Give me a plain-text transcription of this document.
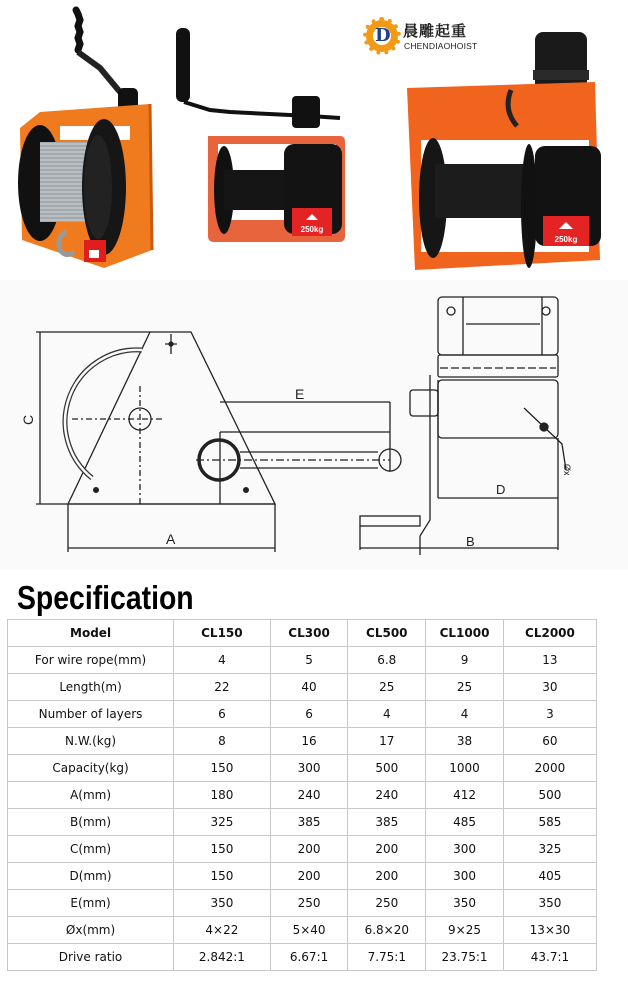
250kg
250kg
D 晨雕起重
CHENDIAOHOIST
C
E
A
D
B
Øx
Specification
Model	CL150	CL300	CL500	CL1000	CL2000
For wire rope(mm)	4	5	6.8	9	13
Length(m)	22	40	25	25	30
Number of layers	6	6	4	4	3
N.W.(kg)	8	16	17	38	60
Capacity(kg)	150	300	500	1000	2000
A(mm)	180	240	240	412	500
B(mm)	325	385	385	485	585
C(mm)	150	200	200	300	325
D(mm)	150	200	200	300	405
E(mm)	350	250	250	350	350
Øx(mm)	4×22	5×40	6.8×20	9×25	13×30
Drive ratio	2.842:1	6.67:1	7.75:1	23.75:1	43.7:1
